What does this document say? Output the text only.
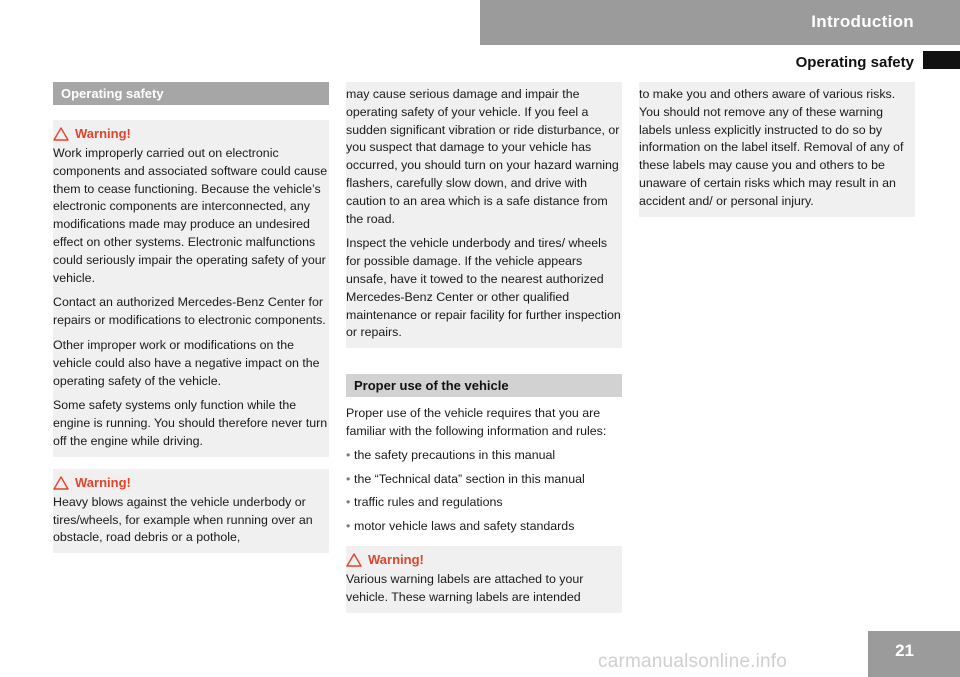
Introduction
Operating safety
Operating safety
Warning!

Work improperly carried out on electronic components and associated software could cause them to cease functioning. Because the vehicle’s electronic components are interconnected, any modifications made may produce an undesired effect on other systems. Electronic malfunctions could seriously impair the operating safety of your vehicle.

Contact an authorized Mercedes-Benz Center for repairs or modifications to electronic components.

Other improper work or modifications on the vehicle could also have a negative impact on the operating safety of the vehicle.

Some safety systems only function while the engine is running. You should therefore never turn off the engine while driving.

Warning!

Heavy blows against the vehicle underbody or tires/wheels, for example when running over an obstacle, road debris or a pothole,

may cause serious damage and impair the operating safety of your vehicle. If you feel a sudden significant vibration or ride disturbance, or you suspect that damage to your vehicle has occurred, you should turn on your hazard warning flashers, carefully slow down, and drive with caution to an area which is a safe distance from the road.

Inspect the vehicle underbody and tires/ wheels for possible damage. If the vehicle appears unsafe, have it towed to the nearest authorized Mercedes-Benz Center or other qualified maintenance or repair facility for further inspection or repairs.

Proper use of the vehicle

Proper use of the vehicle requires that you are familiar with the following information and rules:

• the safety precautions in this manual
• the “Technical data” section in this manual
• traffic rules and regulations
• motor vehicle laws and safety standards
Warning!

Various warning labels are attached to your vehicle. These warning labels are intended

to make you and others aware of various risks. You should not remove any of these warning labels unless explicitly instructed to do so by information on the label itself. Removal of any of these labels may cause you and others to be unaware of certain risks which may result in an accident and/ or personal injury.

21
carmanualsonline.info
